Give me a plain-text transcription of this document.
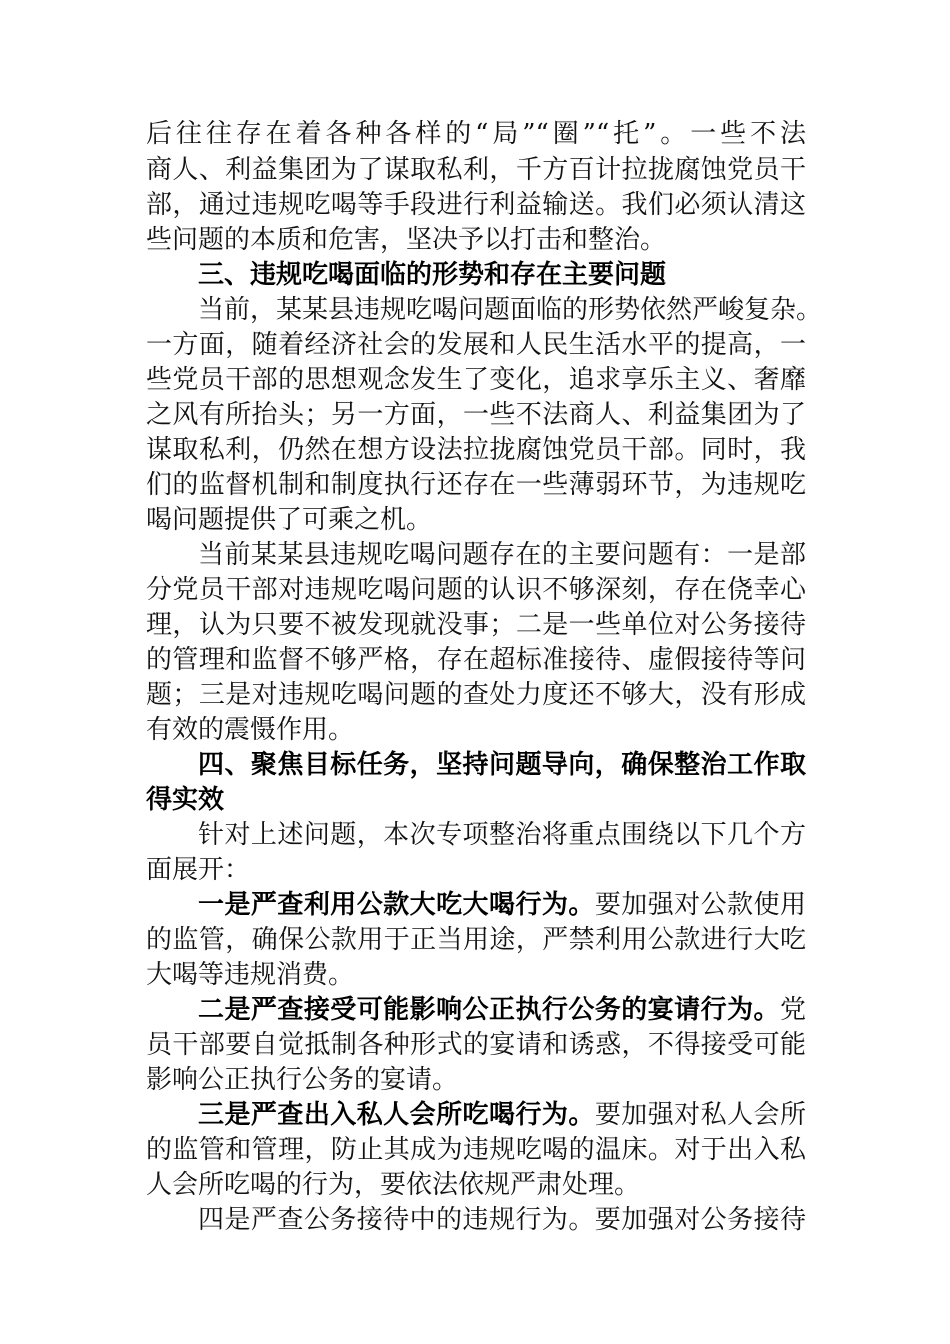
后往往存在着各种各样的“局”“圈”“托”。一些不法
商人、利益集团为了谋取私利，千方百计拉拢腐蚀党员干
部，通过违规吃喝等手段进行利益输送。我们必须认清这
些问题的本质和危害，坚决予以打击和整治。
三、违规吃喝面临的形势和存在主要问题
当前，某某县违规吃喝问题面临的形势依然严峻复杂。
一方面，随着经济社会的发展和人民生活水平的提高，一
些党员干部的思想观念发生了变化，追求享乐主义、奢靡
之风有所抬头；另一方面，一些不法商人、利益集团为了
谋取私利，仍然在想方设法拉拢腐蚀党员干部。同时，我
们的监督机制和制度执行还存在一些薄弱环节，为违规吃
喝问题提供了可乘之机。
当前某某县违规吃喝问题存在的主要问题有：一是部
分党员干部对违规吃喝问题的认识不够深刻，存在侥幸心
理，认为只要不被发现就没事；二是一些单位对公务接待
的管理和监督不够严格，存在超标准接待、虚假接待等问
题；三是对违规吃喝问题的查处力度还不够大，没有形成
有效的震慑作用。
四、聚焦目标任务，坚持问题导向，确保整治工作取
得实效
针对上述问题，本次专项整治将重点围绕以下几个方
面展开：
一是严查利用公款大吃大喝行为。要加强对公款使用
的监管，确保公款用于正当用途，严禁利用公款进行大吃
大喝等违规消费。
二是严查接受可能影响公正执行公务的宴请行为。党
员干部要自觉抵制各种形式的宴请和诱惑，不得接受可能
影响公正执行公务的宴请。
三是严查出入私人会所吃喝行为。要加强对私人会所
的监管和管理，防止其成为违规吃喝的温床。对于出入私
人会所吃喝的行为，要依法依规严肃处理。
四是严查公务接待中的违规行为。要加强对公务接待
